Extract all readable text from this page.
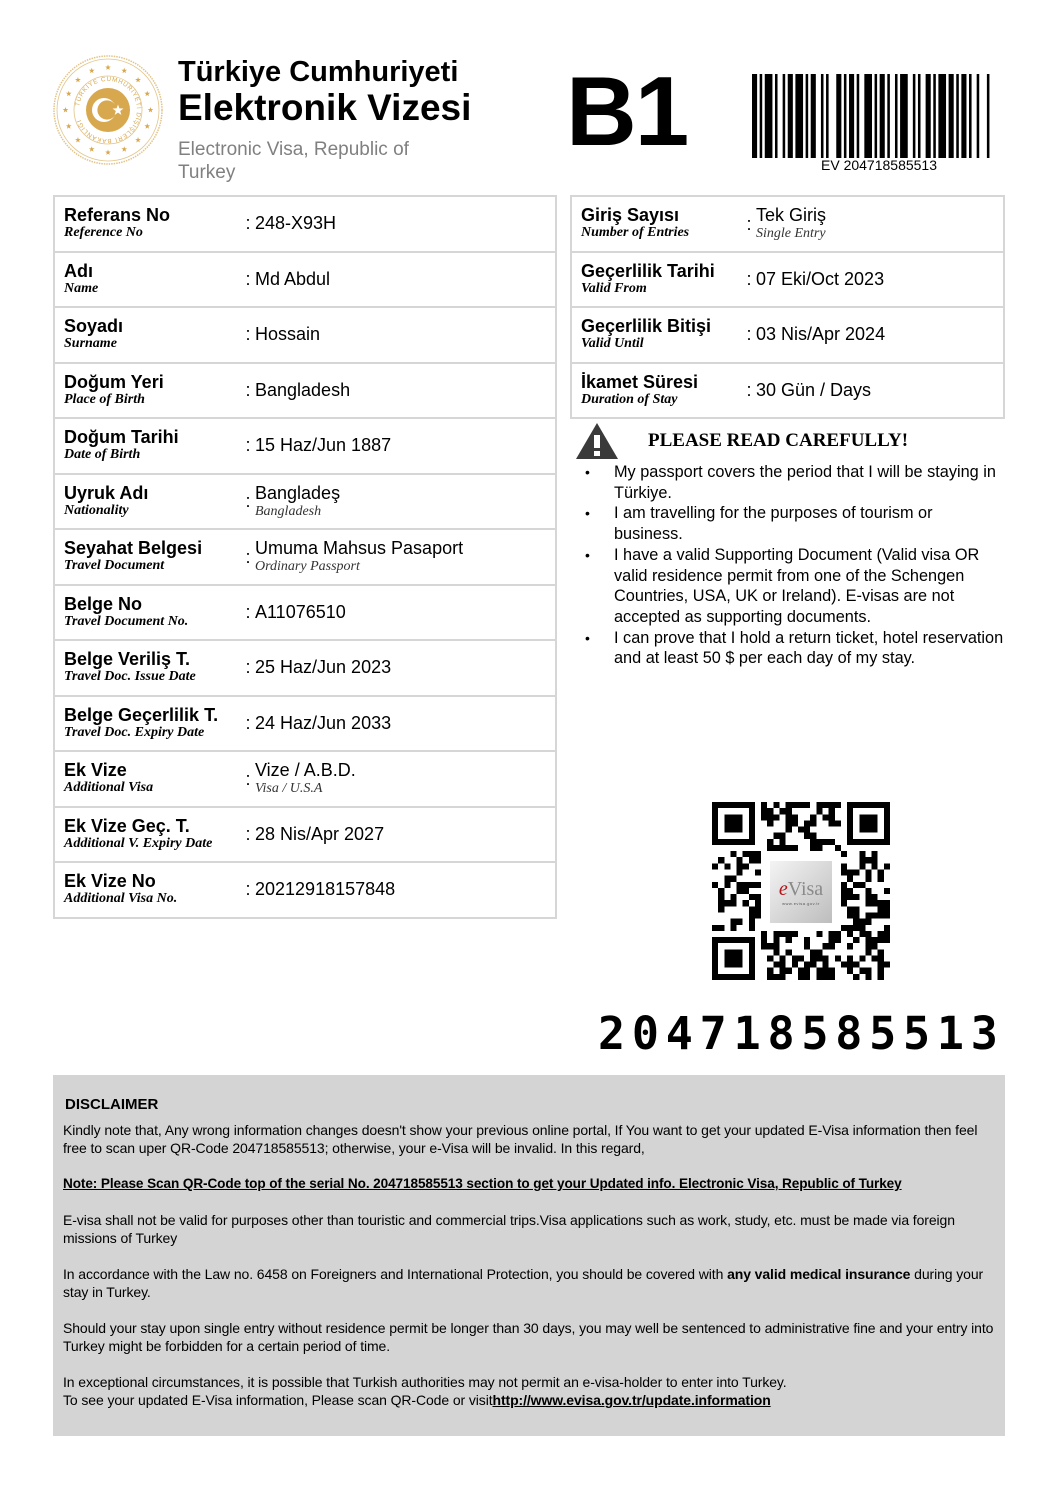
TÜRKİYE CUMHURİYETİ DIŞİŞLERİ BAKANLIĞI
Türkiye Cumhuriyeti
Elektronik Vizesi
Electronic Visa, Republic of Turkey
B1	EV 204718585513
Referans No
Reference No	: 248-X93H

Adı
Name	: Md Abdul

Soyadı
Surname	: Hossain

Doğum Yeri
Place of Birth	: Bangladesh

Doğum Tarihi
Date of Birth	: 15 Haz/Jun 1887

Uyruk Adı
Nationality	: Bangladeş
Bangladesh

Seyahat Belgesi
Travel Document	: Umuma Mahsus Pasaport
Ordinary Passport

Belge No
Travel Document No.	: A11076510

Belge Veriliş T.
Travel Doc. Issue Date	: 25 Haz/Jun 2023

Belge Geçerlilik T.
Travel Doc. Expiry Date	: 24 Haz/Jun 2033

Ek Vize
Additional Visa	: Vize / A.B.D.
Visa / U.S.A

Ek Vize Geç. T.
Additional V. Expiry Date	: 28 Nis/Apr 2027

Ek Vize No
Additional Visa No.	: 20212918157848
Giriş Sayısı
Number of Entries	: Tek Giriş
Single Entry

Geçerlilik Tarihi
Valid From	: 07 Eki/Oct 2023

Geçerlilik Bitişi
Valid Until	: 03 Nis/Apr 2024

İkamet Süresi
Duration of Stay	: 30 Gün / Days
PLEASE READ CAREFULLY!
• My passport covers the period that I will be staying in Türkiye.
• I am travelling for the purposes of tourism or business.
• I have a valid Supporting Document (Valid visa OR valid residence permit from one of the Schengen Countries, USA, UK or Ireland). E-visas are not accepted as supporting documents.
• I can prove that I hold a return ticket, hotel reservation and at least 50 $ per each day of my stay.
eVisa
www.evisa.gov.tr
2 0 4 7 1 8 5 8 5 5 1 3
DISCLAIMER

Kindly note that, Any wrong information changes doesn't show your previous online portal, If You want to get your updated E-Visa information then feel free to scan uper QR-Code 204718585513; otherwise, your e-Visa will be invalid. In this regard,

Note: Please Scan QR-Code top of the serial No. 204718585513 section to get your Updated info. Electronic Visa, Republic of Turkey

E-visa shall not be valid for purposes other than touristic and commercial trips.Visa applications such as work, study, etc. must be made via foreign missions of Turkey

In accordance with the Law no. 6458 on Foreigners and International Protection, you should be covered with any valid medical insurance during your stay in Turkey.

Should your stay upon single entry without residence permit be longer than 30 days, you may well be sentenced to administrative fine and your entry into Turkey might be forbidden for a certain period of time.

In exceptional circumstances, it is possible that Turkish authorities may not permit an e-visa-holder to enter into Turkey.
To see your updated E-Visa information, Please scan QR-Code or visithttp://www.evisa.gov.tr/update.information
